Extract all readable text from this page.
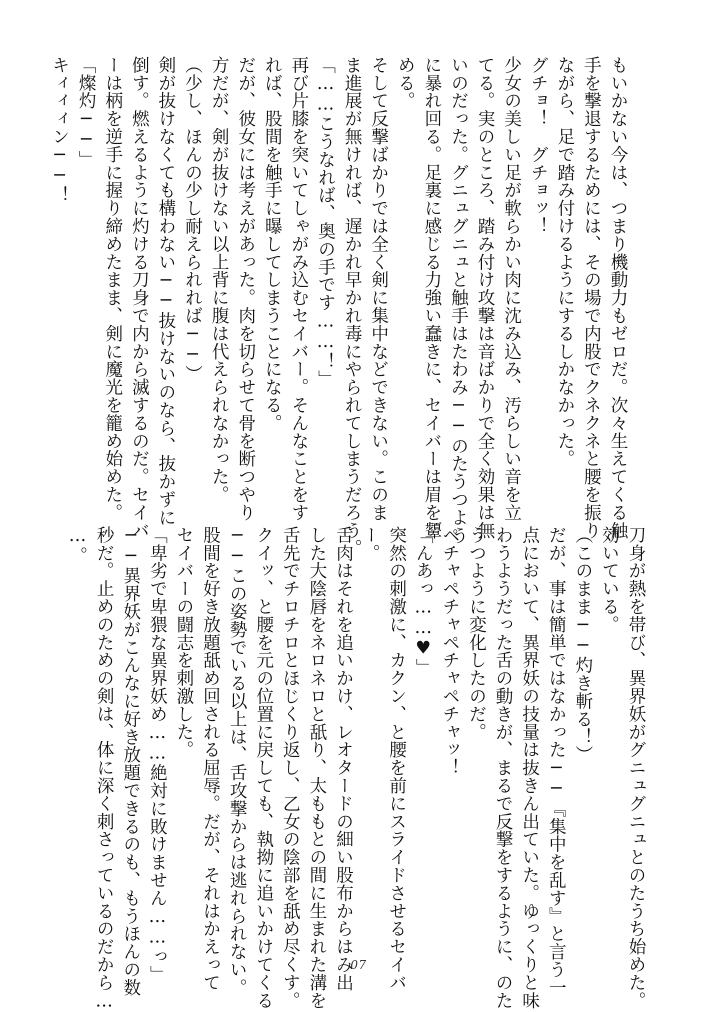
もいかない今は、つまり機動力もゼロだ。次々生えてくる触
手を撃退するためには、その場で内股でクネクネと腰を振り
ながら、足で踏み付けるようにするしかなかった。
グチョ！　グチョッ！
少女の美しい足が軟らかい肉に沈み込み、汚らしい音を立
てる。実のところ、踏み付け攻撃は音ばかりで全く効果は無
いのだった。グニュグニュと触手はたわみ──のたうつよう
に暴れ回る。足裏に感じる力強い蠢きに、セイバーは眉を顰
める。
そして反撃ばかりでは全く剣に集中などできない。このま
ま進展が無ければ、遅かれ早かれ毒にやられてしまうだろう。
「……こうなれば、奥の手です……！」
再び片膝を突いてしゃがみ込むセイバー。そんなことをす
れば、股間を触手に曝してしまうことになる。
だが、彼女には考えがあった。肉を切らせて骨を断つやり
方だが、剣が抜けない以上背に腹は代えられなかった。
（少し、ほんの少し耐えられれば──）
剣が抜けなくても構わない──抜けないのなら、抜かずに
倒す。燃えるように灼ける刀身で内から滅するのだ。セイバ
ーは柄を逆手に握り締めたまま、剣に魔光を籠め始めた。
「燦灼──」
キィィィン──！
刀身が熱を帯び、異界妖がグニュグニュとのたうち始めた。
効いている。
（このまま──灼き斬る！）
だが、事は簡単ではなかった──『集中を乱す』と言う一
点において、異界妖の技量は抜きん出ていた。ゆっくりと味
わうようだった舌の動きが、まるで反撃をするように、のた
うつように変化したのだ。
ペチャペチャペチャペチャッ！
「んあっ……♥」
突然の刺激に、カクン、と腰を前にスライドさせるセイバ
ー。
舌肉はそれを追いかけ、レオタードの細い股布からはみ出
した大陰唇をネロネロと舐り、太ももとの間に生まれた溝を
舌先でチロチロとほじくり返し、乙女の陰部を舐め尽くす。
クイッ、と腰を元の位置に戻しても、執拗に追いかけてくる
──この姿勢でいる以上は、舌攻撃からは逃れられない。
股間を好き放題舐め回される屈辱。だが、それはかえって
セイバーの闘志を刺激した。
「卑劣で卑猥な異界妖め……絶対に敗けません……っ」
──異界妖がこんなに好き放題できるのも、もうほんの数
秒だ。止めのための剣は、体に深く刺さっているのだから…
…。
07
